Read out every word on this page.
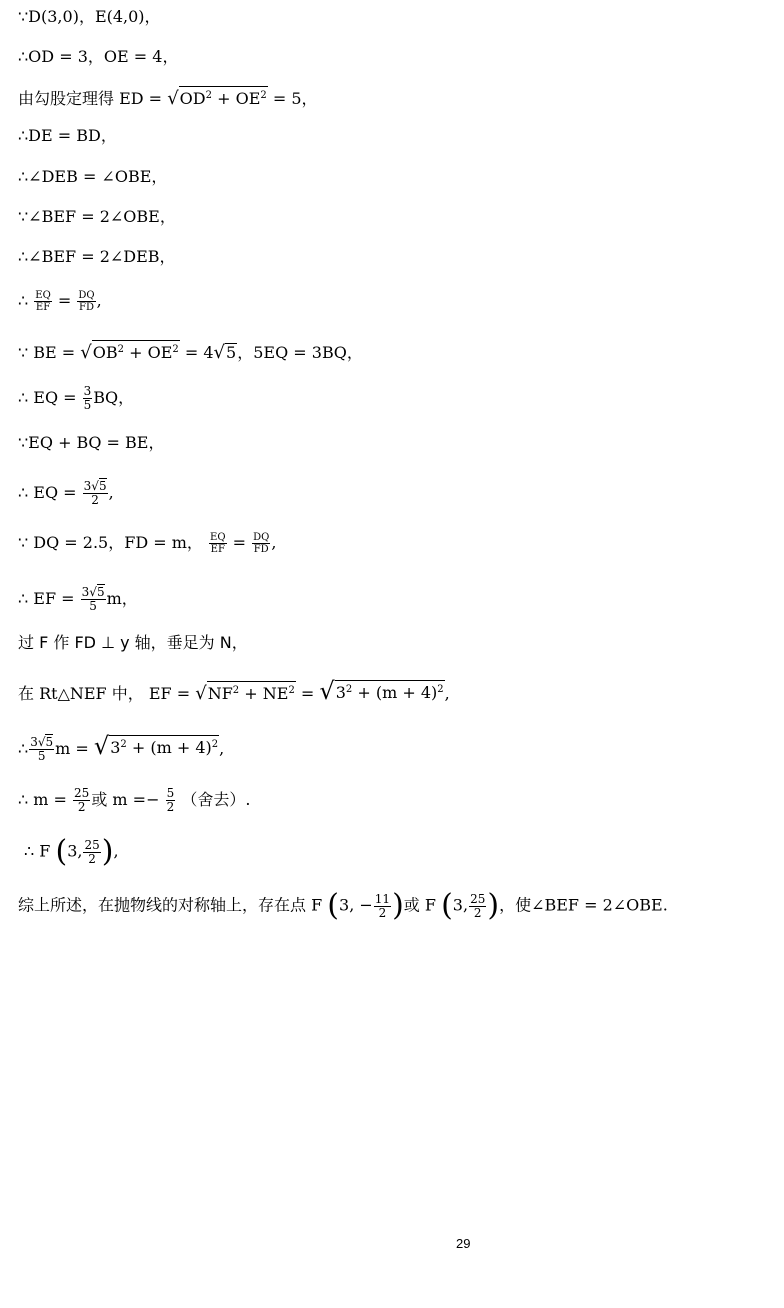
∵D(3,0)，E(4,0)，
∴OD = 3，OE = 4，
由勾股定理得 ED = √ $OD^2 + OE^2 = 5$，
∴DE = BD，
∴∠DEB = ∠OBE，
∵∠BEF = 2∠OBE，
∴∠BEF = 2∠DEB，
∴ $\frac{EQ}{EF} = \frac{DQ}{FD}$ ,
∵ BE = √ $OB^2 + OE^2 = 4$ √ 5 ，5EQ = 3BQ，
∴ EQ = $\frac{3}{5}$ BQ，
∵EQ + BQ = BE，
∴ EQ = $\frac{3√5}{2}$ ,
∵ DQ = 2.5，FD = m， $\frac{EQ}{EF} = \frac{DQ}{FD}$ ,
∴ EF = $\frac{3√5}{5}$ m，
过 F 作 FD ⊥ y 轴，垂足为 N，
在 Rt△NEF 中， EF = √ $NF^2 + NE^2$ = √ $3^2 + (m + 4)^2$ ,
∴ $\frac{3√5}{5}$ m = √ $3^2 + (m + 4)^2$ ,
∴ $m = \frac{25}{2}$ 或 $m =- \frac{5}{2}$ （舍去）.
∴ F (3, $\frac{25}{2}$ ),
综上所述，在抛物线的对称轴上，存在点 F (3, − $\frac{11}{2}$ )或 F (3, $\frac{25}{2}$ )，使∠BEF = 2∠OBE.
29
